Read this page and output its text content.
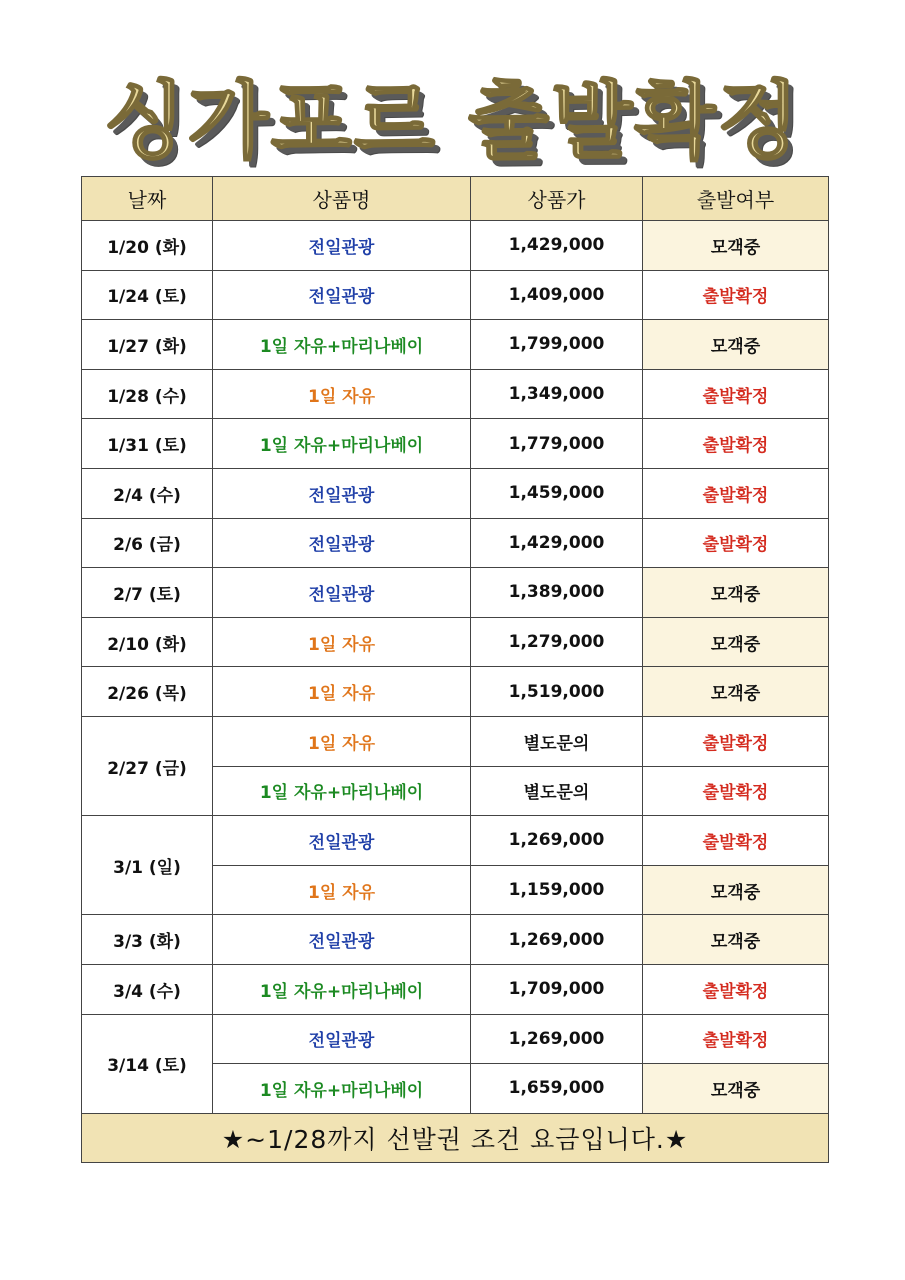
싱가포르 출발확정
날짜	상품명	상품가	출발여부
1/20 (화)	전일관광	1,429,000	모객중
1/24 (토)	전일관광	1,409,000	출발확정
1/27 (화)	1일 자유+마리나베이	1,799,000	모객중
1/28 (수)	1일 자유	1,349,000	출발확정
1/31 (토)	1일 자유+마리나베이	1,779,000	출발확정
2/4 (수)	전일관광	1,459,000	출발확정
2/6 (금)	전일관광	1,429,000	출발확정
2/7 (토)	전일관광	1,389,000	모객중
2/10 (화)	1일 자유	1,279,000	모객중
2/26 (목)	1일 자유	1,519,000	모객중
2/27 (금)	1일 자유	별도문의	출발확정
	1일 자유+마리나베이	별도문의	출발확정
3/1 (일)	전일관광	1,269,000	출발확정
	1일 자유	1,159,000	모객중
3/3 (화)	전일관광	1,269,000	모객중
3/4 (수)	1일 자유+마리나베이	1,709,000	출발확정
3/14 (토)	전일관광	1,269,000	출발확정
	1일 자유+마리나베이	1,659,000	모객중
★~1/28까지 선발권 조건 요금입니다.★			
